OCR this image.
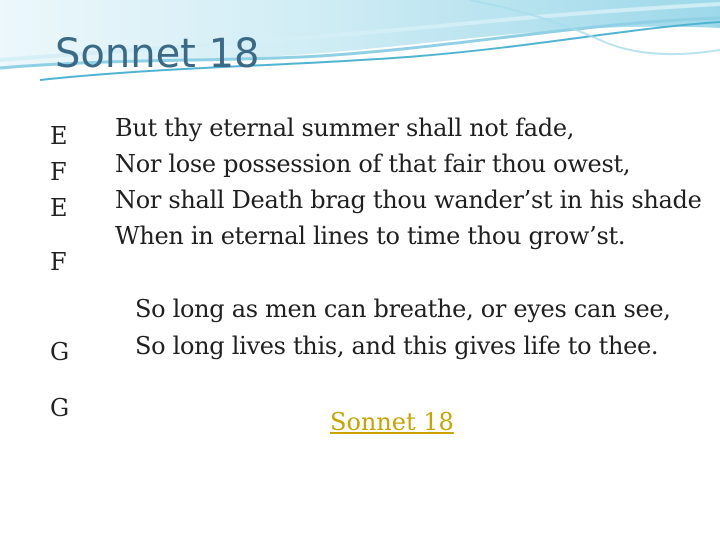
Sonnet 18
E
F
E
F
G
G
But thy eternal summer shall not fade,
Nor lose possession of that fair thou owest,
Nor shall Death brag thou wander’st in his shade
When in eternal lines to time thou grow’st.
So long as men can breathe, or eyes can see,
So long lives this, and this gives life to thee.
Sonnet 18
